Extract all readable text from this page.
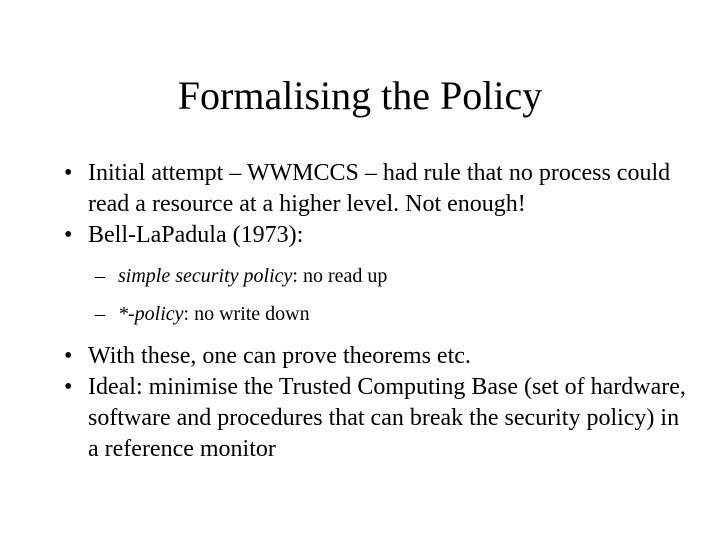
Formalising the Policy
• Initial attempt – WWMCCS – had rule that no process could read a resource at a higher level. Not enough!
• Bell-LaPadula (1973):
– simple security policy: no read up
– *-policy: no write down
• With these, one can prove theorems etc.
• Ideal: minimise the Trusted Computing Base (set of hardware, software and procedures that can break the security policy) in a reference monitor
